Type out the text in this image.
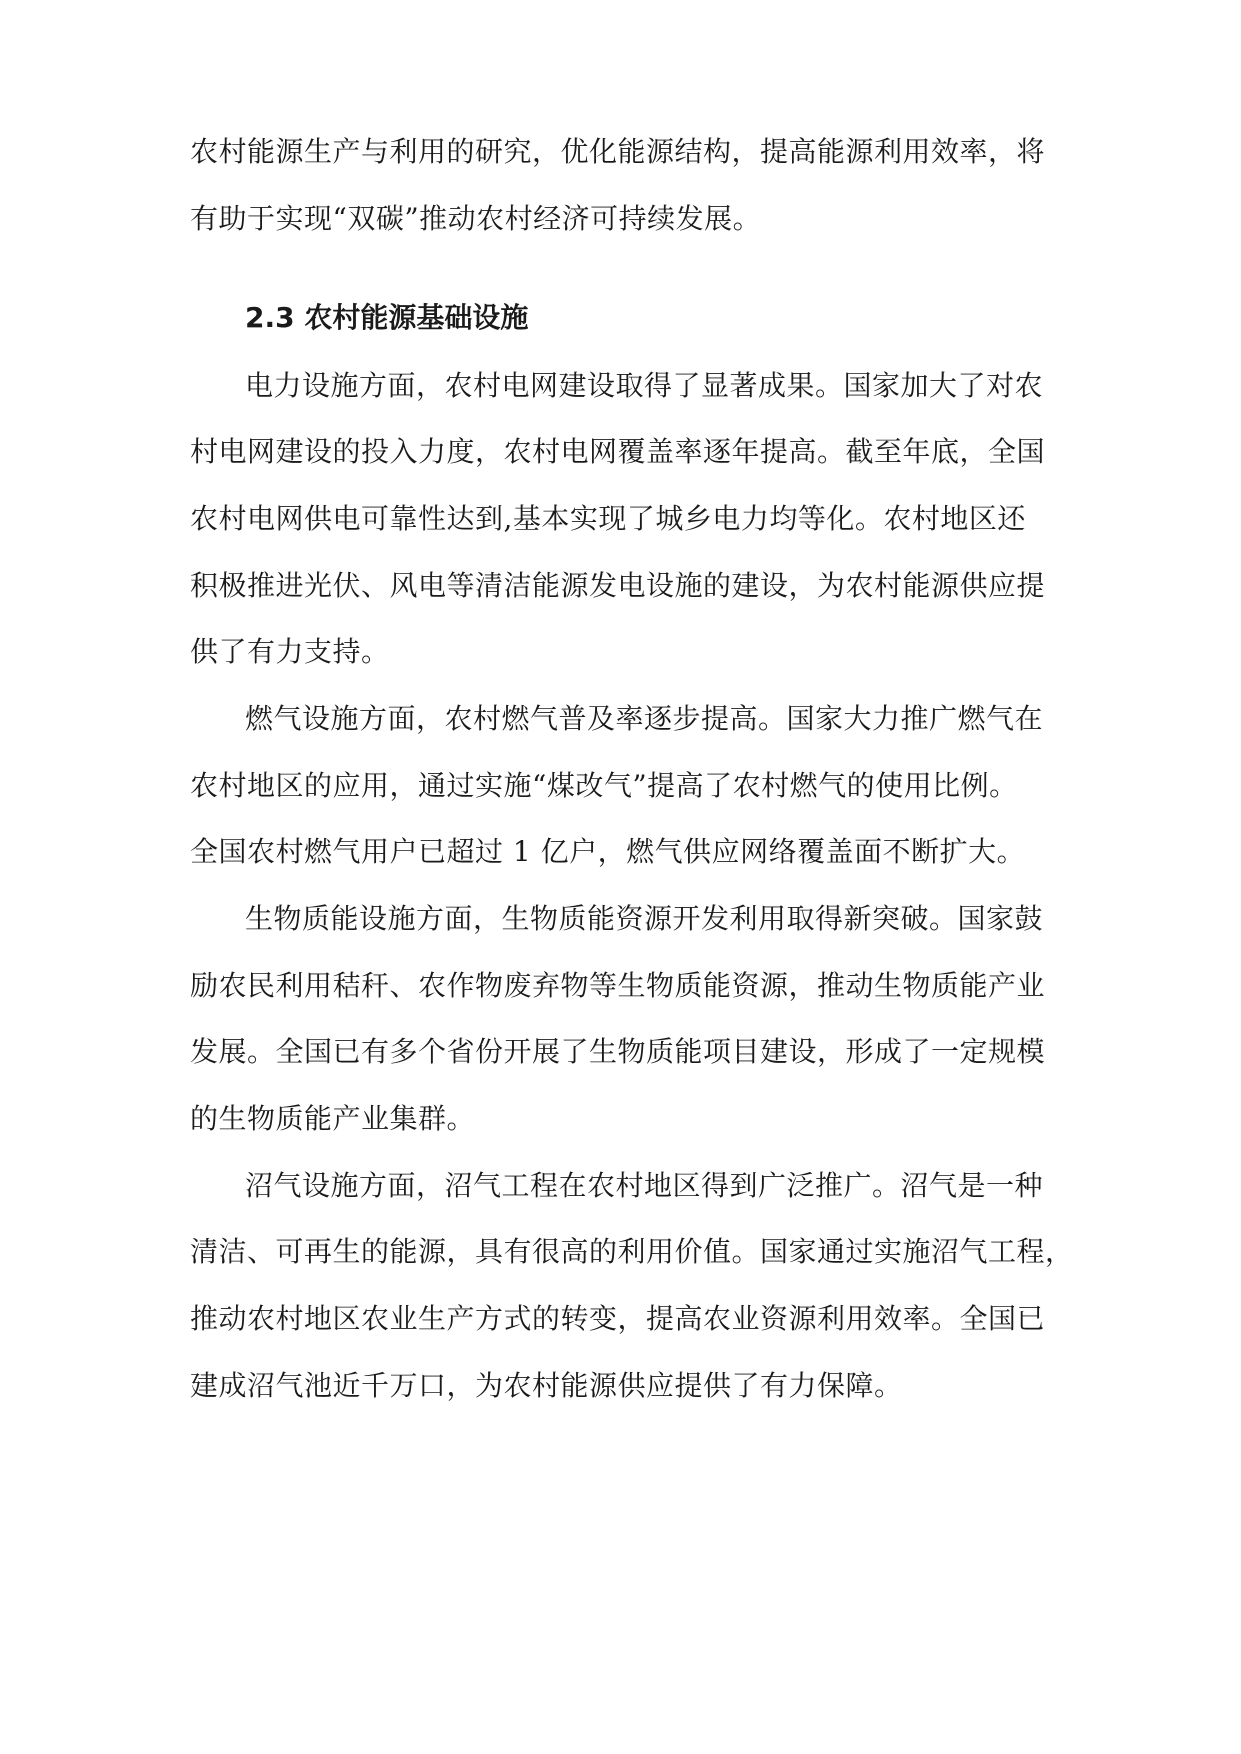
农村能源生产与利用的研究，优化能源结构，提高能源利用效率，将
有助于实现“双碳”推动农村经济可持续发展。
2.3 农村能源基础设施
电力设施方面，农村电网建设取得了显著成果。国家加大了对农
村电网建设的投入力度，农村电网覆盖率逐年提高。截至年底，全国
农村电网供电可靠性达到,基本实现了城乡电力均等化。农村地区还
积极推进光伏、风电等清洁能源发电设施的建设，为农村能源供应提
供了有力支持。
燃气设施方面，农村燃气普及率逐步提高。国家大力推广燃气在
农村地区的应用，通过实施“煤改气”提高了农村燃气的使用比例。
全国农村燃气用户已超过 1 亿户，燃气供应网络覆盖面不断扩大。
生物质能设施方面，生物质能资源开发利用取得新突破。国家鼓
励农民利用秸秆、农作物废弃物等生物质能资源，推动生物质能产业
发展。全国已有多个省份开展了生物质能项目建设，形成了一定规模
的生物质能产业集群。
沼气设施方面，沼气工程在农村地区得到广泛推广。沼气是一种
清洁、可再生的能源，具有很高的利用价值。国家通过实施沼气工程，
推动农村地区农业生产方式的转变，提高农业资源利用效率。全国已
建成沼气池近千万口，为农村能源供应提供了有力保障。
